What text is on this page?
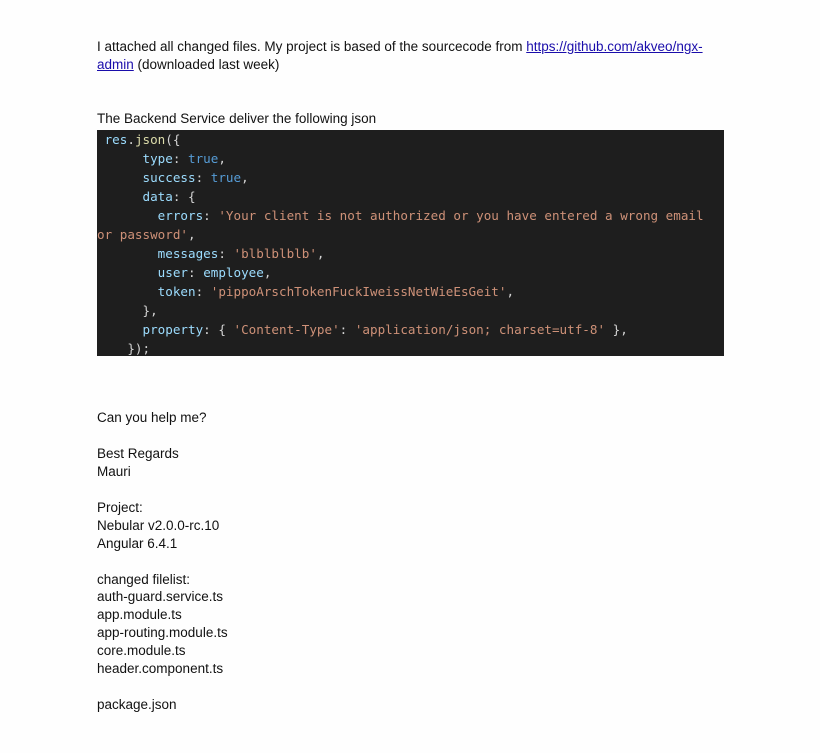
I attached all changed files. My project is based of the sourcecode from https://github.com/akveo/ngx-
admin (downloaded last week)
The Backend Service deliver the following json
res.json({
type: true,
success: true,
data: {
errors: 'Your client is not authorized or you have entered a wrong email
or password',
messages: 'blblblblb',
user: employee,
token: 'pippoArschTokenFuckIweissNetWieEsGeit',
},
property: { 'Content-Type': 'application/json; charset=utf-8' },
});
Can you help me?
Best Regards
Mauri
Project:
Nebular v2.0.0-rc.10
Angular 6.4.1
changed filelist:
auth-guard.service.ts
app.module.ts
app-routing.module.ts
core.module.ts
header.component.ts
package.json
